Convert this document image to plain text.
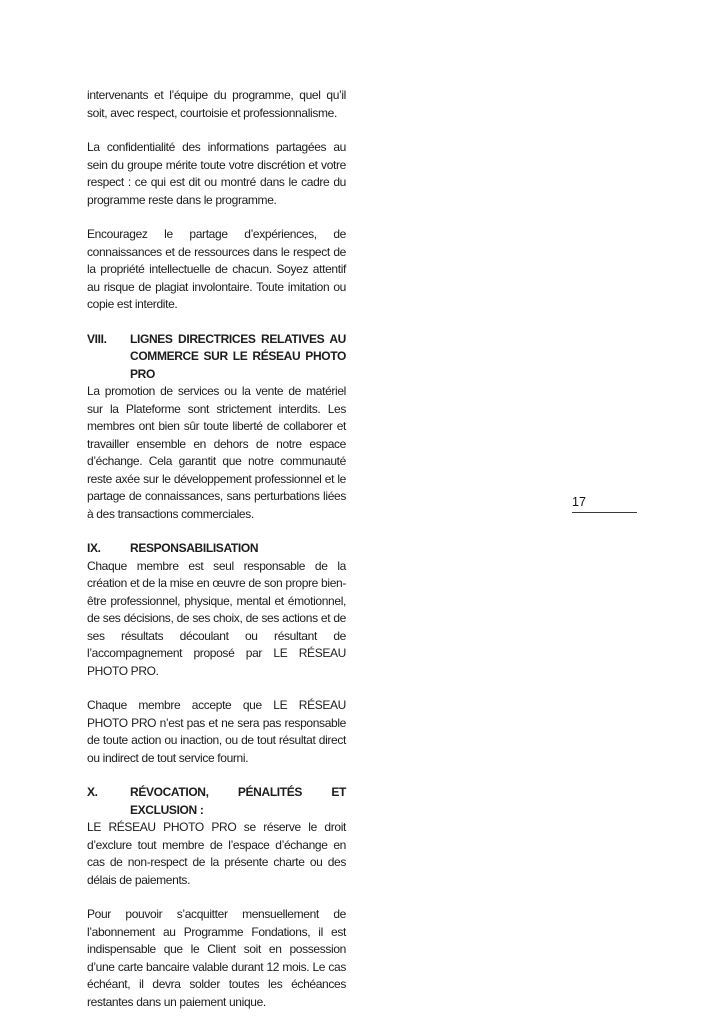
intervenants et l’équipe du programme, quel qu’il soit, avec respect, courtoisie et professionnalisme.

La confidentialité des informations partagées au sein du groupe mérite toute votre discrétion et votre respect : ce qui est dit ou montré dans le cadre du programme reste dans le programme.

Encouragez le partage d’expériences, de connaissances et de ressources dans le respect de la propriété intellectuelle de chacun. Soyez attentif au risque de plagiat involontaire. Toute imitation ou copie est interdite.

VIII.	LIGNES DIRECTRICES RELATIVES AU COMMERCE SUR LE RÉSEAU PHOTO PRO

La promotion de services ou la vente de matériel sur la Plateforme sont strictement interdits. Les membres ont bien sûr toute liberté de collaborer et travailler ensemble en dehors de notre espace d’échange. Cela garantit que notre communauté reste axée sur le développement professionnel et le partage de connaissances, sans perturbations liées à des transactions commerciales.

IX.	RESPONSABILISATION

Chaque membre est seul responsable de la création et de la mise en œuvre de son propre bien-être professionnel, physique, mental et émotionnel, de ses décisions, de ses choix, de ses actions et de ses résultats découlant ou résultant de l’accompagnement proposé par LE RÉSEAU PHOTO PRO.

Chaque membre accepte que LE RÉSEAU PHOTO PRO n’est pas et ne sera pas responsable de toute action ou inaction, ou de tout résultat direct ou indirect de tout service fourni.

X.	RÉVOCATION, PÉNALITÉS ET EXCLUSION :

LE RÉSEAU PHOTO PRO se réserve le droit d’exclure tout membre de l’espace d’échange en cas de non-respect de la présente charte ou des délais de paiements.

Pour pouvoir s’acquitter mensuellement de l’abonnement au Programme Fondations, il est indispensable que le Client soit en possession d’une carte bancaire valable durant 12 mois. Le cas échéant, il devra solder toutes les échéances restantes dans un paiement unique.

17
